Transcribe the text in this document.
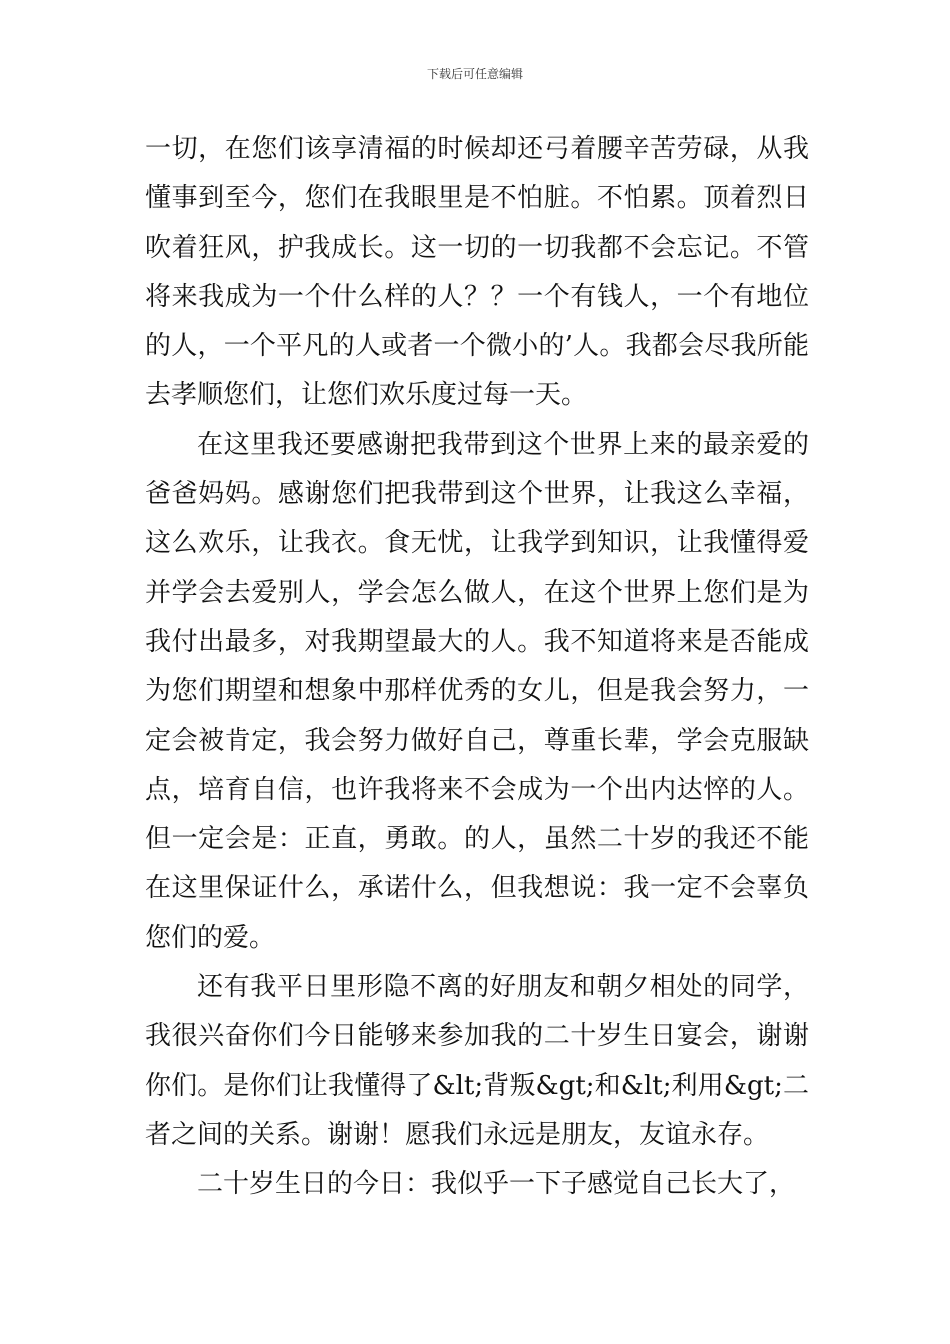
下载后可任意编辑

一切，在您们该享清福的时候却还弓着腰辛苦劳碌，从我懂事到至今，您们在我眼里是不怕脏。不怕累。顶着烈日吹着狂风，护我成长。这一切的一切我都不会忘记。不管将来我成为一个什么样的人？？一个有钱人，一个有地位的人，一个平凡的人或者一个微小的’人。我都会尽我所能去孝顺您们，让您们欢乐度过每一天。

在这里我还要感谢把我带到这个世界上来的最亲爱的爸爸妈妈。感谢您们把我带到这个世界，让我这么幸福，这么欢乐，让我衣。食无忧，让我学到知识，让我懂得爱并学会去爱别人，学会怎么做人，在这个世界上您们是为我付出最多，对我期望最大的人。我不知道将来是否能成为您们期望和想象中那样优秀的女儿，但是我会努力，一定会被肯定，我会努力做好自己，尊重长辈，学会克服缺点，培育自信，也许我将来不会成为一个出内达悴的人。但一定会是：正直，勇敢。的人，虽然二十岁的我还不能在这里保证什么，承诺什么，但我想说：我一定不会辜负您们的爱。

还有我平日里形隐不离的好朋友和朝夕相处的同学，我很兴奋你们今日能够来参加我的二十岁生日宴会，谢谢你们。是你们让我懂得了&lt;背叛&gt;和&lt;利用&gt;二者之间的关系。谢谢！愿我们永远是朋友，友谊永存。

二十岁生日的今日：我似乎一下子感觉自己长大了，
